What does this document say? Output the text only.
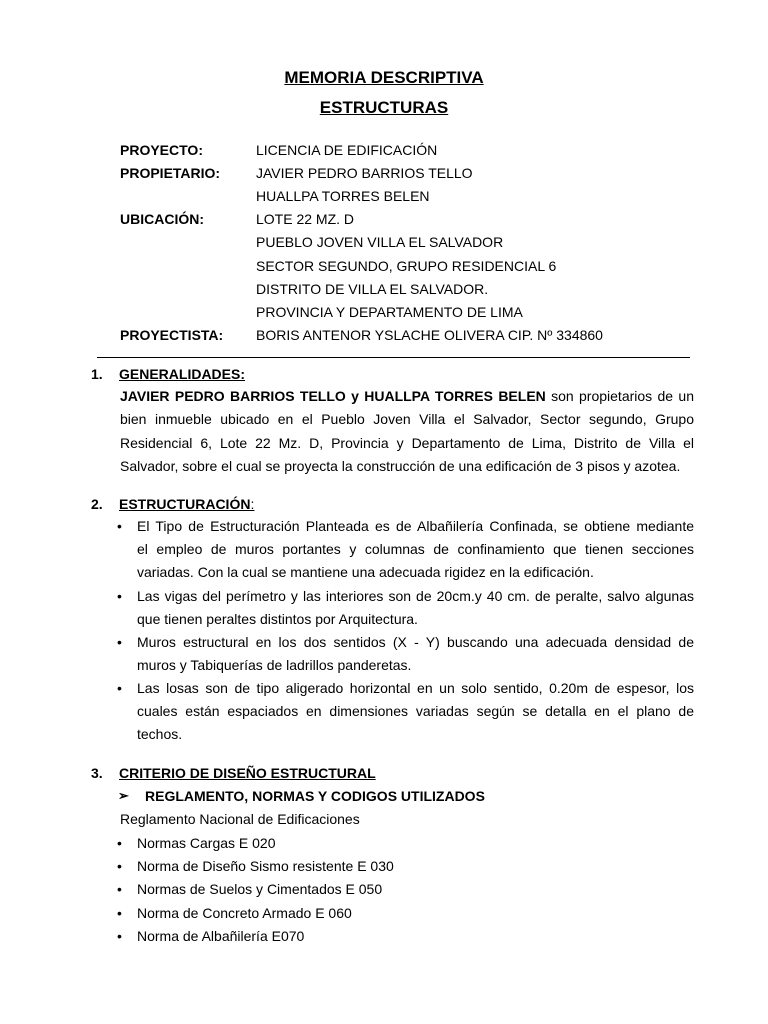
MEMORIA DESCRIPTIVA
ESTRUCTURAS
PROYECTO:	LICENCIA DE EDIFICACIÓN
PROPIETARIO:	JAVIER PEDRO BARRIOS TELLO
HUALLPA TORRES BELEN
UBICACIÓN:	LOTE 22 MZ. D
PUEBLO JOVEN VILLA EL SALVADOR
SECTOR SEGUNDO, GRUPO RESIDENCIAL 6
DISTRITO DE VILLA EL SALVADOR.
PROVINCIA Y DEPARTAMENTO DE LIMA
PROYECTISTA: BORIS ANTENOR YSLACHE OLIVERA CIP. Nº 334860
1. GENERALIDADES:
JAVIER PEDRO BARRIOS TELLO y HUALLPA TORRES BELEN son propietarios de un
bien inmueble ubicado en el Pueblo Joven Villa el Salvador, Sector segundo, Grupo
Residencial 6, Lote 22 Mz. D, Provincia y Departamento de Lima, Distrito de Villa el
Salvador, sobre el cual se proyecta la construcción de una edificación de 3 pisos y azotea.
2. ESTRUCTURACIÓN:
•	El Tipo de Estructuración Planteada es de Albañilería Confinada, se obtiene mediante
el empleo de muros portantes y columnas de confinamiento que tienen secciones
variadas. Con la cual se mantiene una adecuada rigidez en la edificación.
•	Las vigas del perímetro y las interiores son de 20cm.y 40 cm. de peralte, salvo algunas
que tienen peraltes distintos por Arquitectura.
•	Muros estructural en los dos sentidos (X - Y) buscando una adecuada densidad de
muros y Tabiquerías de ladrillos panderetas.
•	Las losas son de tipo aligerado horizontal en un solo sentido, 0.20m de espesor, los
cuales están espaciados en dimensiones variadas según se detalla en el plano de
techos.
3. CRITERIO DE DISEÑO ESTRUCTURAL
➢ REGLAMENTO, NORMAS Y CODIGOS UTILIZADOS
Reglamento Nacional de Edificaciones
•	Normas Cargas E 020
•	Norma de Diseño Sismo resistente E 030
•	Normas de Suelos y Cimentados E 050
•	Norma de Concreto Armado E 060
•	Norma de Albañilería E070
